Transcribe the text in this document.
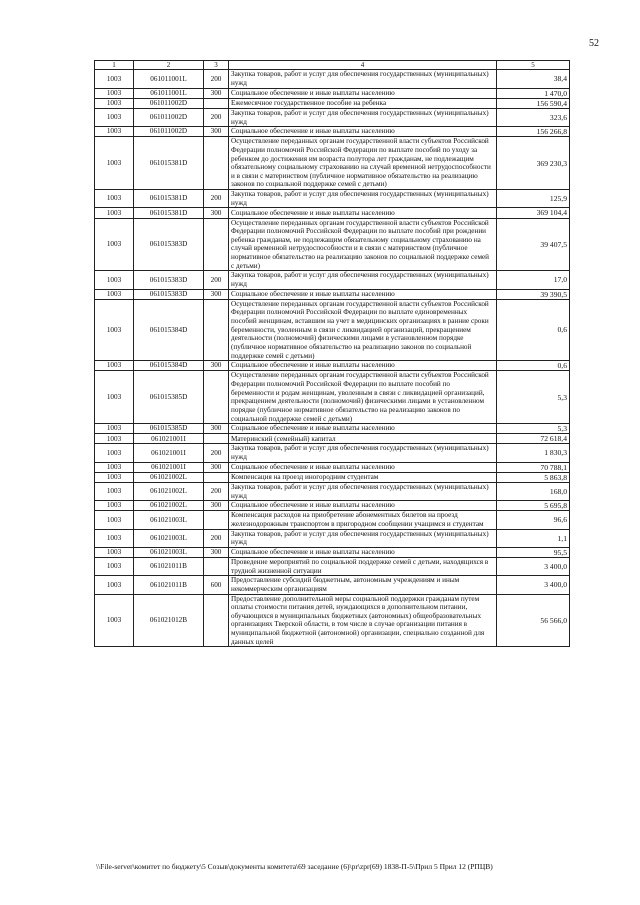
52
1	2	3	4	5
1003	061011001L	200	Закупка товаров, работ и услуг для обеспечения государственных (муниципальных) нужд	38,4
1003	061011001L	300	Социальное обеспечение и иные выплаты населению	1 470,0
1003	061011002D		Ежемесячное государственное пособие на ребенка	156 590,4
1003	061011002D	200	Закупка товаров, работ и услуг для обеспечения государственных (муниципальных) нужд	323,6
1003	061011002D	300	Социальное обеспечение и иные выплаты населению	156 266,8
1003	061015381D		Осуществление переданных органам государственной власти субъектов Российской Федерации полномочий Российской Федерации по выплате пособий по уходу за ребенком до достижения им возраста полутора лет гражданам, не подлежащим обязательному социальному страхованию на случай временной нетрудоспособности и в связи с материнством (публичное нормативное обязательство на реализацию законов по социальной поддержке семей с детьми)	369 230,3
1003	061015381D	200	Закупка товаров, работ и услуг для обеспечения государственных (муниципальных) нужд	125,9
1003	061015381D	300	Социальное обеспечение и иные выплаты населению	369 104,4
1003	061015383D		Осуществление переданных органам государственной власти субъектов Российской Федерации полномочий Российской Федерации по выплате пособий при рождении ребенка гражданам, не подлежащим обязательному социальному страхованию на случай временной нетрудоспособности и в связи с материнством (публичное нормативное обязательство на реализацию законов по социальной поддержке семей с детьми)	39 407,5
1003	061015383D	200	Закупка товаров, работ и услуг для обеспечения государственных (муниципальных) нужд	17,0
1003	061015383D	300	Социальное обеспечение и иные выплаты населению	39 390,5
1003	061015384D		Осуществление переданных органам государственной власти субъектов Российской Федерации полномочий Российской Федерации по выплате единовременных пособий женщинам, вставшим на учет в медицинских организациях в ранние сроки беременности, уволенным в связи с ликвидацией организаций, прекращением деятельности (полномочий) физическими лицами в установленном порядке (публичное нормативное обязательство на реализацию законов по социальной поддержке семей с детьми)	0,6
1003	061015384D	300	Социальное обеспечение и иные выплаты населению	0,6
1003	061015385D		Осуществление переданных органам государственной власти субъектов Российской Федерации полномочий Российской Федерации по выплате пособий по беременности и родам женщинам, уволенным в связи с ликвидацией организаций, прекращением деятельности (полномочий) физическими лицами в установленном порядке (публичное нормативное обязательство на реализацию законов по социальной поддержке семей с детьми)	5,3
1003	061015385D	300	Социальное обеспечение и иные выплаты населению	5,3
1003	061021001I		Материнский (семейный) капитал	72 618,4
1003	061021001I	200	Закупка товаров, работ и услуг для обеспечения государственных (муниципальных) нужд	1 830,3
1003	061021001I	300	Социальное обеспечение и иные выплаты населению	70 788,1
1003	061021002L		Компенсация на проезд иногородним студентам	5 863,8
1003	061021002L	200	Закупка товаров, работ и услуг для обеспечения государственных (муниципальных) нужд	168,0
1003	061021002L	300	Социальное обеспечение и иные выплаты населению	5 695,8
1003	061021003L		Компенсация расходов на приобретение абонементных билетов на проезд железнодорожным транспортом в пригородном сообщении учащимся и студентам	96,6
1003	061021003L	200	Закупка товаров, работ и услуг для обеспечения государственных (муниципальных) нужд	1,1
1003	061021003L	300	Социальное обеспечение и иные выплаты населению	95,5
1003	061021011B		Проведение мероприятий по социальной поддержке семей с детьми, находящихся в трудной жизненной ситуации	3 400,0
1003	061021011B	600	Предоставление субсидий бюджетным, автономным учреждениям и иным некоммерческим организациям	3 400,0
1003	061021012B		Предоставление дополнительной меры социальной поддержки гражданам путем оплаты стоимости питания детей, нуждающихся в дополнительном питании, обучающихся в муниципальных бюджетных (автономных) общеобразовательных организациях Тверской области, в том числе в случае организации питания в муниципальной бюджетной (автономной) организации, специально созданной для данных целей	56 566,0
\\File-server\комитет по бюджету\5 Созыв\документы комитета\69 заседание (6)\pr\zpr(69) 1838-П-5\Прил 5 Прил 12 (РПЦВ)
